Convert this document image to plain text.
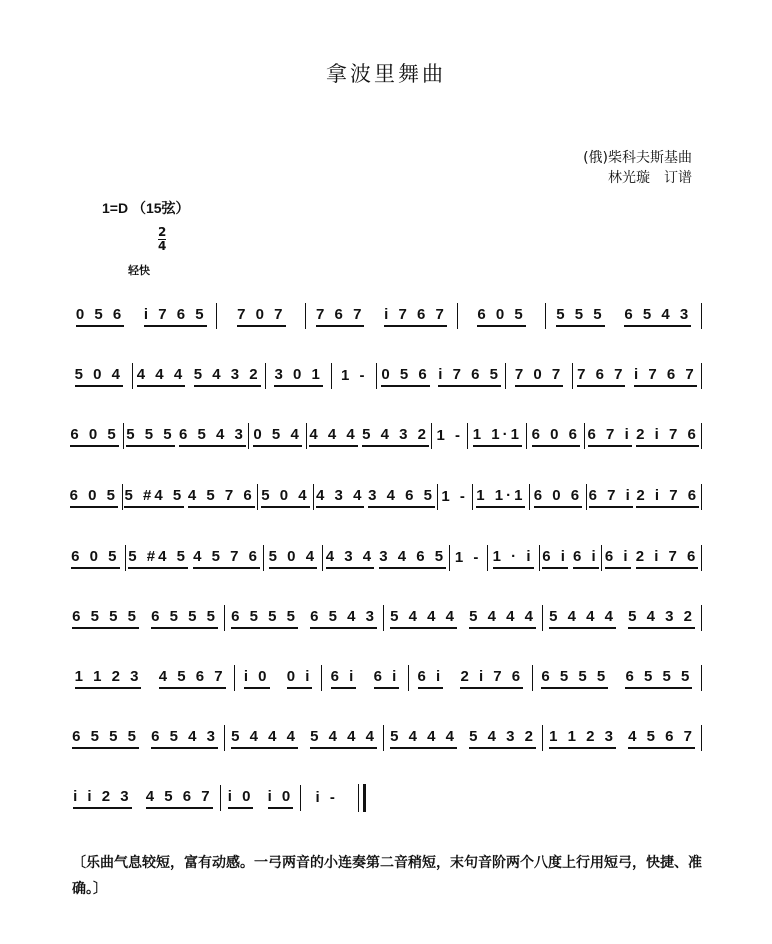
拿波里舞曲
(俄)柴科夫斯基曲
林光璇　订谱
1=D （15弦）
2
4
轻快
0 5 6 i 7 6 5 7 0 7 7 6 7 i 7 6 7 6 0 5 5 5 5 6 5 4 3
5 0 4 4 4 4 5 4 3 2 3 0 1 1 - 0 5 6 i 7 6 5 7 0 7 7 6 7 i 7 6 7
6 0 5 5 5 5 6 5 4 3 0 5 4 4 4 4 5 4 3 2 1 - 1 1·1 6 0 6 6 7 i 2 i 7 6
6 0 5 5 #4 5 4 5 7 6 5 0 4 4 3 4 3 4 6 5 1 - 1 1·1 6 0 6 6 7 i 2 i 7 6
6 0 5 5 #4 5 4 5 7 6 5 0 4 4 3 4 3 4 6 5 1 - 1 · i 6 i 6 i 6 i 2 i 7 6
6 5 5 5 6 5 5 5 6 5 5 5 6 5 4 3 5 4 4 4 5 4 4 4 5 4 4 4 5 4 3 2
1 1 2 3 4 5 6 7 i 0 0 i 6 i 6 i 6 i 2 i 7 6 6 5 5 5 6 5 5 5
6 5 5 5 6 5 4 3 5 4 4 4 5 4 4 4 5 4 4 4 5 4 3 2 1 1 2 3 4 5 6 7
i i 2 3 4 5 6 7 i 0 i 0 i -
〔乐曲气息较短，富有动感。一弓两音的小连奏第二音稍短，末句音阶两个八度上行用短弓，快捷、准确。〕
